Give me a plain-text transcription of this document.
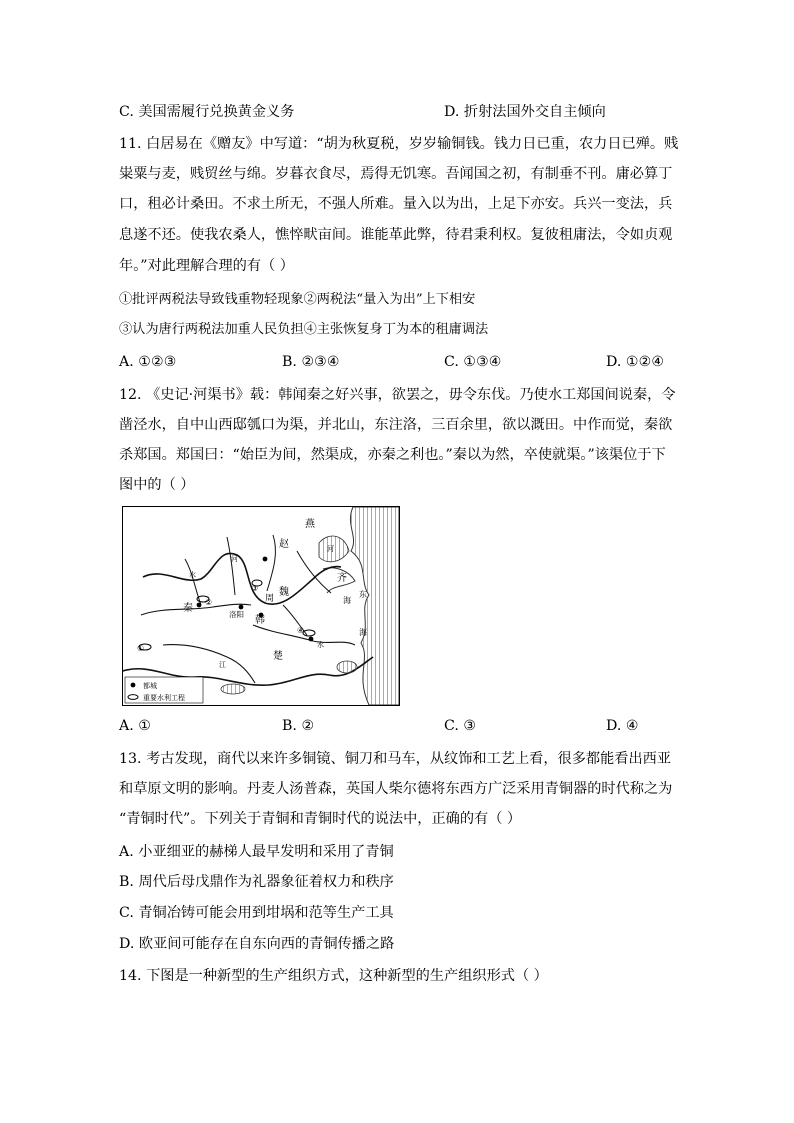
C. 美国需履行兑换黄金义务	D. 折射法国外交自主倾向
11. 白居易在《赠友》中写道：“胡为秋夏税，岁岁输铜钱。钱力日已重，农力日已殚。贱
粜粟与麦，贱贸丝与绵。岁暮衣食尽，焉得无饥寒。吾闻国之初，有制垂不刊。庸必算丁
口，租必计桑田。不求土所无，不强人所难。量入以为出，上足下亦安。兵兴一变法，兵
息遂不还。使我农桑人，憔悴畎亩间。谁能革此弊，待君秉利权。复彼租庸法，令如贞观
年。”对此理解合理的有（ ）
①批评两税法导致钱重物轻现象②两税法“量入为出”上下相安
③认为唐行两税法加重人民负担④主张恢复身丁为本的租庸调法
A. ①②③	B. ②③④	C. ①③④	D. ①②④
12. 《史记·河渠书》载：韩闻秦之好兴事，欲罢之，毋令东伐。乃使水工郑国间说秦，令
凿泾水，自中山西邸瓠口为渠，并北山，东注洛，三百余里，欲以溉田。中作而觉，秦欲
杀郑国。郑国曰：“始臣为间，然渠成，亦秦之利也。”秦以为然，卒使就渠。”该渠位于下
图中的（ ）
燕
赵
齐
秦
魏
周
韩
楚
洛阳
河
河
江
水
水
海
海
东
①
②
③
④
都城
重要水利工程
A. ①	B. ②	C. ③	D. ④
13. 考古发现，商代以来许多铜镜、铜刀和马车，从纹饰和工艺上看，很多都能看出西亚
和草原文明的影响。丹麦人汤普森，英国人柴尔德将东西方广泛采用青铜器的时代称之为
“青铜时代”。下列关于青铜和青铜时代的说法中，正确的有（ ）
A. 小亚细亚的赫梯人最早发明和采用了青铜
B. 周代后母戊鼎作为礼器象征着权力和秩序
C. 青铜冶铸可能会用到坩埚和范等生产工具
D. 欧亚间可能存在自东向西的青铜传播之路
14. 下图是一种新型的生产组织方式，这种新型的生产组织形式（ ）
